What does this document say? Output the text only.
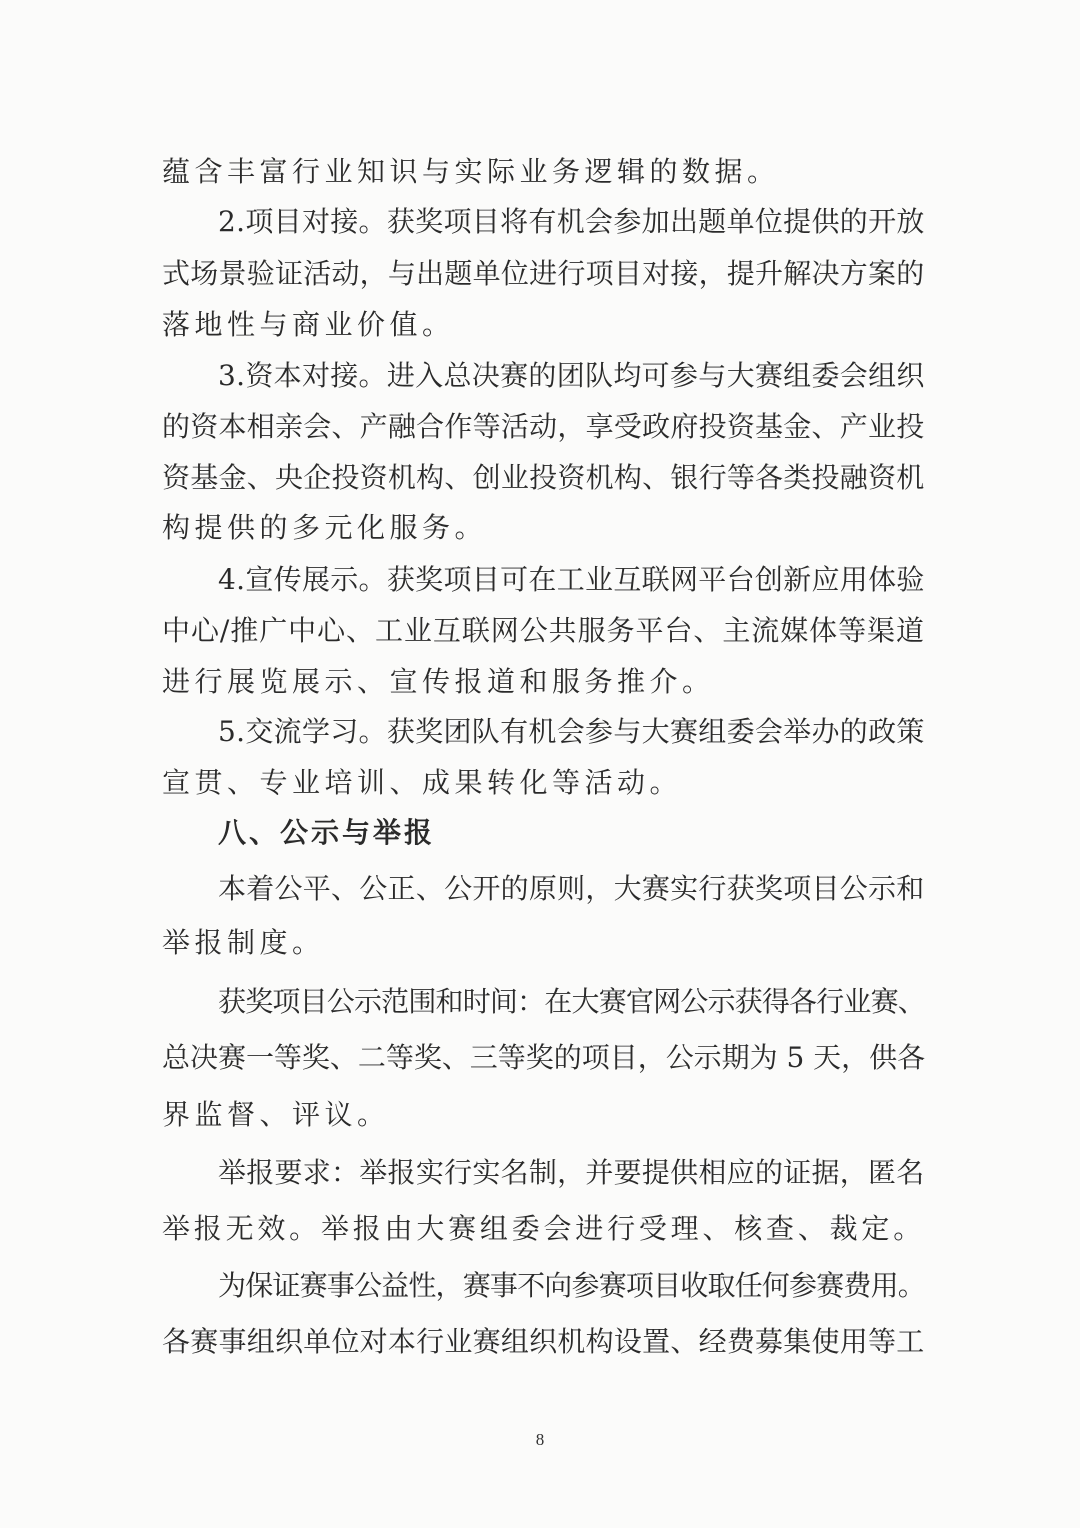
蕴含丰富行业知识与实际业务逻辑的数据。
2.项目对接。获奖项目将有机会参加出题单位提供的开放
式场景验证活动，与出题单位进行项目对接，提升解决方案的
落地性与商业价值。
3.资本对接。进入总决赛的团队均可参与大赛组委会组织
的资本相亲会、产融合作等活动，享受政府投资基金、产业投
资基金、央企投资机构、创业投资机构、银行等各类投融资机
构提供的多元化服务。
4.宣传展示。获奖项目可在工业互联网平台创新应用体验
中心/推广中心、工业互联网公共服务平台、主流媒体等渠道
进行展览展示、宣传报道和服务推介。
5.交流学习。获奖团队有机会参与大赛组委会举办的政策
宣贯、专业培训、成果转化等活动。
八、公示与举报
本着公平、公正、公开的原则，大赛实行获奖项目公示和
举报制度。
获奖项目公示范围和时间：在大赛官网公示获得各行业赛、
总决赛一等奖、二等奖、三等奖的项目，公示期为 5 天，供各
界监督、评议。
举报要求：举报实行实名制，并要提供相应的证据，匿名
举报无效。举报由大赛组委会进行受理、核查、裁定。
为保证赛事公益性，赛事不向参赛项目收取任何参赛费用。
各赛事组织单位对本行业赛组织机构设置、经费募集使用等工
8
